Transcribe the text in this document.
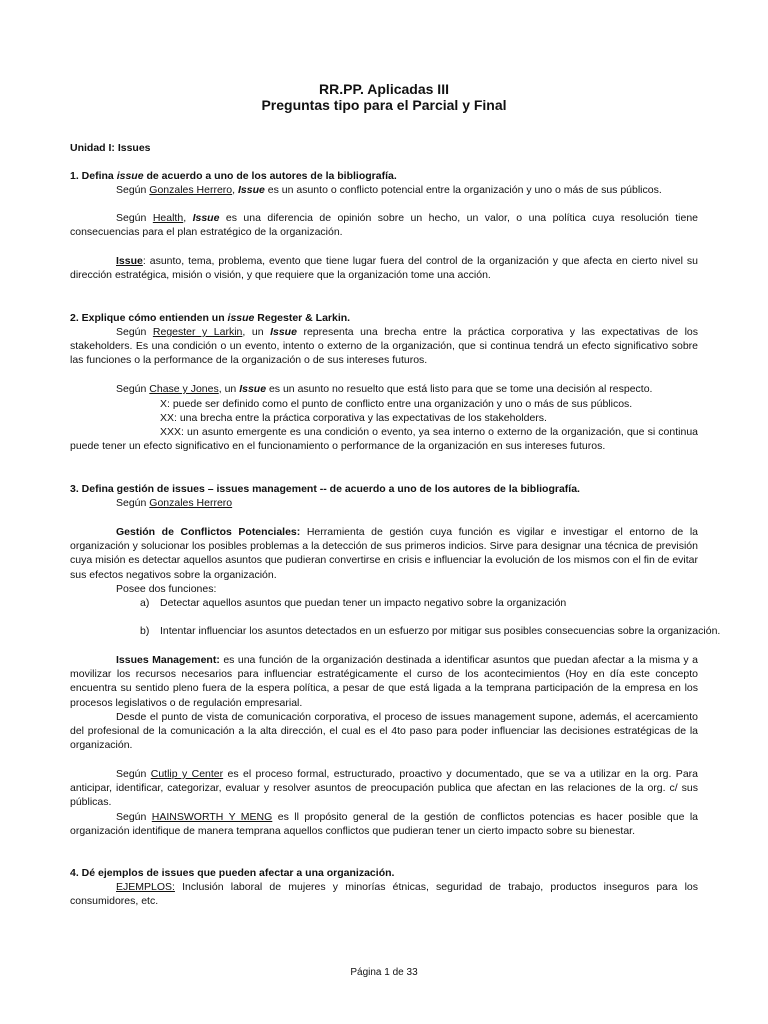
RR.PP. Aplicadas III
Preguntas tipo para el Parcial y Final
Unidad I: Issues
1. Defina issue de acuerdo a uno de los autores de la bibliografía.
Según Gonzales Herrero, Issue es un asunto o conflicto potencial entre la organización y uno o más de sus públicos.
Según Health, Issue es una diferencia de opinión sobre un hecho, un valor, o una política cuya resolución tiene consecuencias para el plan estratégico de la organización.
Issue: asunto, tema, problema, evento que tiene lugar fuera del control de la organización y que afecta en cierto nivel su dirección estratégica, misión o visión, y que requiere que la organización tome una acción.
2. Explique cómo entienden un issue Regester & Larkin.
Según Regester y Larkin, un Issue representa una brecha entre la práctica corporativa y las expectativas de los stakeholders. Es una condición o un evento, intento o externo de la organización, que si continua tendrá un efecto significativo sobre las funciones o la performance de la organización o de sus intereses futuros.
Según Chase y Jones, un Issue es un asunto no resuelto que está listo para que se tome una decisión al respecto.
X: puede ser definido como el punto de conflicto entre una organización y uno o más de sus públicos.
XX: una brecha entre la práctica corporativa y las expectativas de los stakeholders.
XXX: un asunto emergente es una condición o evento, ya sea interno o externo de la organización, que si continua puede tener un efecto significativo en el funcionamiento o performance de la organización en sus intereses futuros.
3. Defina gestión de issues – issues management -- de acuerdo a uno de los autores de la bibliografía.
Según Gonzales Herrero
Gestión de Conflictos Potenciales: Herramienta de gestión cuya función es vigilar e investigar el entorno de la organización y solucionar los posibles problemas a la detección de sus primeros indicios. Sirve para designar una técnica de previsión cuya misión es detectar aquellos asuntos que pudieran convertirse en crisis e influenciar la evolución de los mismos con el fin de evitar sus efectos negativos sobre la organización.
Posee dos funciones:
a) Detectar aquellos asuntos que puedan tener un impacto negativo sobre la organización
b) Intentar influenciar los asuntos detectados en un esfuerzo por mitigar sus posibles consecuencias sobre la organización.
Issues Management: es una función de la organización destinada a identificar asuntos que puedan afectar a la misma y a movilizar los recursos necesarios para influenciar estratégicamente el curso de los acontecimientos (Hoy en día este concepto encuentra su sentido pleno fuera de la espera política, a pesar de que está ligada a la temprana participación de la empresa en los procesos legislativos o de regulación empresarial.
Desde el punto de vista de comunicación corporativa, el proceso de issues management supone, además, el acercamiento del profesional de la comunicación a la alta dirección, el cual es el 4to paso para poder influenciar las decisiones estratégicas de la organización.
Según Cutlip y Center es el proceso formal, estructurado, proactivo y documentado, que se va a utilizar en la org. Para anticipar, identificar, categorizar, evaluar y resolver asuntos de preocupación publica que afectan en las relaciones de la org. c/ sus públicas.
Según HAINSWORTH Y MENG es ll propósito general de la gestión de conflictos potencias es hacer posible que la organización identifique de manera temprana aquellos conflictos que pudieran tener un cierto impacto sobre su bienestar.
4. Dé ejemplos de issues que pueden afectar a una organización.
EJEMPLOS: Inclusión laboral de mujeres y minorías étnicas, seguridad de trabajo, productos inseguros para los consumidores, etc.
Página 1 de 33
